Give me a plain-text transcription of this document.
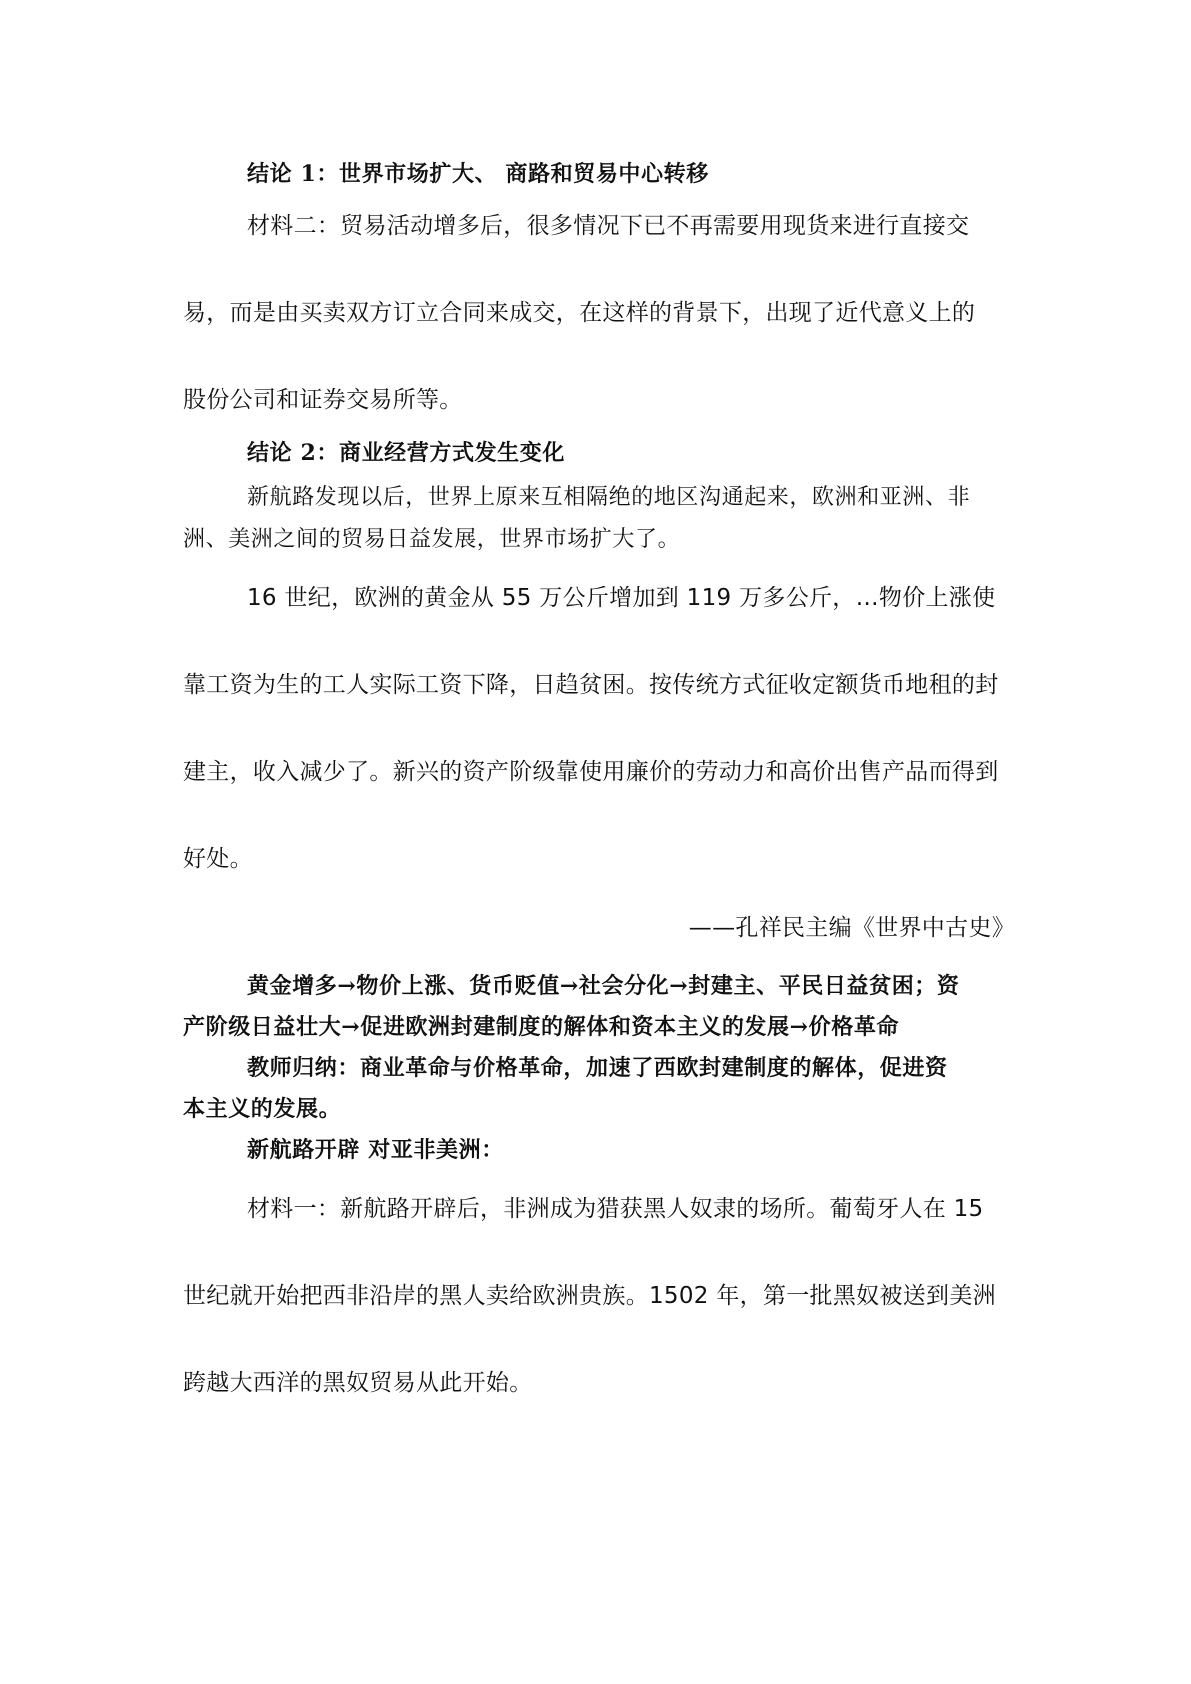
结论 1：世界市场扩大、 商路和贸易中心转移

材料二：贸易活动增多后，很多情况下已不再需要用现货来进行直接交

易，而是由买卖双方订立合同来成交，在这样的背景下，出现了近代意义上的

股份公司和证券交易所等。

结论 2：商业经营方式发生变化

新航路发现以后，世界上原来互相隔绝的地区沟通起来，欧洲和亚洲、非

洲、美洲之间的贸易日益发展，世界市场扩大了。

16 世纪，欧洲的黄金从 55 万公斤增加到 119 万多公斤，…物价上涨使

靠工资为生的工人实际工资下降，日趋贫困。按传统方式征收定额货币地租的封

建主，收入减少了。新兴的资产阶级靠使用廉价的劳动力和高价出售产品而得到

好处。

——孔祥民主编《世界中古史》

黄金增多→物价上涨、货币贬值→社会分化→封建主、平民日益贫困；资

产阶级日益壮大→促进欧洲封建制度的解体和资本主义的发展→价格革命

教师归纳：商业革命与价格革命，加速了西欧封建制度的解体，促进资

本主义的发展。

新航路开辟 对亚非美洲：

材料一：新航路开辟后，非洲成为猎获黑人奴隶的场所。葡萄牙人在 15

世纪就开始把西非沿岸的黑人卖给欧洲贵族。1502 年，第一批黑奴被送到美洲

跨越大西洋的黑奴贸易从此开始。
